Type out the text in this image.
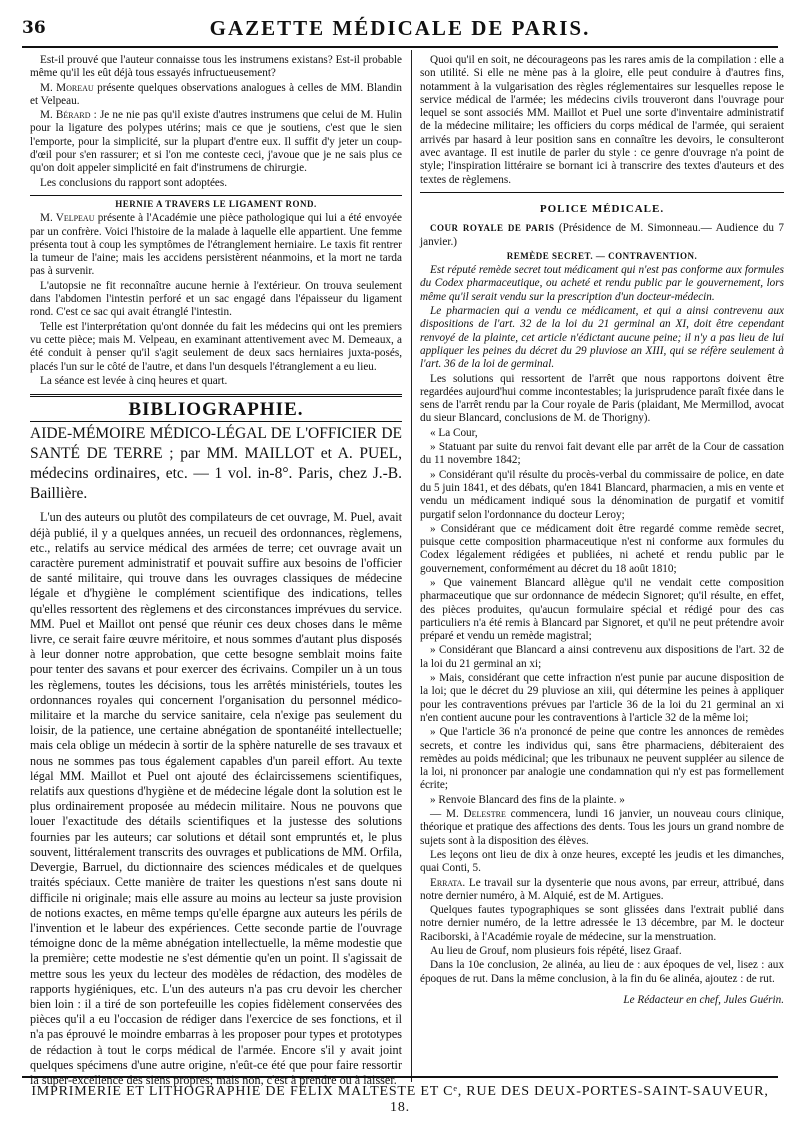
36	GAZETTE MÉDICALE DE PARIS.

Est-il prouvé que l'auteur connaisse tous les instrumens existans? Est-il probable même qu'il les eût déjà tous essayés infructueusement?

M. Moreau présente quelques observations analogues à celles de MM. Blandin et Velpeau.

M. Bérard : Je ne nie pas qu'il existe d'autres instrumens que celui de M. Hulin pour la ligature des polypes utérins; mais ce que je soutiens, c'est que le sien l'emporte, pour la simplicité, sur la plupart d'entre eux. Il suffit d'y jeter un coup-d'œil pour s'en rassurer; et si l'on me conteste ceci, j'avoue que je ne sais plus ce qu'on doit appeler simplicité en fait d'instrumens de chirurgie.

Les conclusions du rapport sont adoptées.

HERNIE A TRAVERS LE LIGAMENT ROND.

M. Velpeau présente à l'Académie une pièce pathologique qui lui a été envoyée par un confrère. Voici l'histoire de la malade à laquelle elle appartient. Une femme présenta tout à coup les symptômes de l'étranglement herniaire. Le taxis fit rentrer la tumeur de l'aine; mais les accidens persistèrent néanmoins, et la mort ne tarda pas à survenir.

L'autopsie ne fit reconnaître aucune hernie à l'extérieur. On trouva seulement dans l'abdomen l'intestin perforé et un sac engagé dans l'épaisseur du ligament rond. C'est ce sac qui avait étranglé l'intestin.

Telle est l'interprétation qu'ont donnée du fait les médecins qui ont les premiers vu cette pièce; mais M. Velpeau, en examinant attentivement avec M. Demeaux, a été conduit à penser qu'il s'agit seulement de deux sacs herniaires juxta-posés, placés l'un sur le côté de l'autre, et dans l'un desquels l'étranglement a eu lieu.

La séance est levée à cinq heures et quart.

BIBLIOGRAPHIE.

AIDE-MÉMOIRE MÉDICO-LÉGAL DE L'OFFICIER DE SANTÉ DE TERRE ; par MM. MAILLOT et A. PUEL, médecins ordinaires, etc. — 1 vol. in-8°. Paris, chez J.-B. Baillière.

L'un des auteurs ou plutôt des compilateurs de cet ouvrage, M. Puel, avait déjà publié, il y a quelques années, un recueil des ordonnances, règlemens, etc., relatifs au service médical des armées de terre; cet ouvrage avait un caractère purement administratif et pouvait suffire aux besoins de l'officier de santé militaire, qui trouve dans les ouvrages classiques de médecine légale et d'hygiène le complément scientifique des indications, telles qu'elles ressortent des règlemens et des circonstances imprévues du service. MM. Puel et Maillot ont pensé que réunir ces deux choses dans le même livre, ce serait faire œuvre méritoire, et nous sommes d'autant plus disposés à leur donner notre approbation, que cette besogne semblait moins faite pour tenter des savans et pour exercer des écrivains. Compiler un à un tous les règlemens, toutes les décisions, tous les arrêtés ministériels, toutes les ordonnances royales qui concernent l'organisation du personnel médico-militaire et la marche du service sanitaire, cela n'exige pas seulement du loisir, de la patience, une certaine abnégation de spontanéité intellectuelle; mais cela oblige un médecin à sortir de la sphère naturelle de ses travaux et nous ne sommes pas tous également capables d'un pareil effort. Au texte légal MM. Maillot et Puel ont ajouté des éclaircissemens scientifiques, relatifs aux questions d'hygiène et de médecine légale dont la solution est le plus ordinairement proposée au médecin militaire. Nous ne pouvons que louer l'exactitude des détails scientifiques et la justesse des solutions fournies par les auteurs; car solutions et détail sont empruntés et, le plus souvent, littéralement transcrits des ouvrages et publications de MM. Orfila, Devergie, Barruel, du dictionnaire des sciences médicales et de quelques traités spéciaux. Cette manière de traiter les questions n'est sans doute ni difficile ni originale; mais elle assure au moins au lecteur sa juste provision de notions exactes, en même temps qu'elle épargne aux auteurs les périls de l'invention et le labeur des expériences. Cette seconde partie de l'ouvrage témoigne donc de la même abnégation intellectuelle, la même modestie que la première; cette modestie ne s'est démentie qu'en un point. Il s'agissait de mettre sous les yeux du lecteur des modèles de rédaction, des modèles de rapports hygiéniques, etc. L'un des auteurs n'a pas cru devoir les chercher bien loin : il a tiré de son portefeuille les copies fidèlement conservées des pièces qu'il a eu l'occasion de rédiger dans l'exercice de ses fonctions, et il n'a pas éprouvé le moindre embarras à les proposer pour types et prototypes de rédaction à tout le corps médical de l'armée. Encore s'il y avait joint quelques spécimens d'une autre origine, n'eût-ce été que pour faire ressortir la super-excellence des siens propres; mais non, c'est à prendre ou à laisser.

Quoi qu'il en soit, ne décourageons pas les rares amis de la compilation : elle a son utilité. Si elle ne mène pas à la gloire, elle peut conduire à d'autres fins, notamment à la vulgarisation des règles réglementaires sur lesquelles repose le service médical de l'armée; les médecins civils trouveront dans l'ouvrage pour lequel se sont associés MM. Maillot et Puel une sorte d'inventaire administratif de la médecine militaire; les officiers du corps médical de l'armée, qui seraient arrivés par hasard à leur position sans en connaître les devoirs, le consulteront avec avantage. Il est inutile de parler du style : ce genre d'ouvrage n'a point de style; l'inspiration littéraire se bornant ici à transcrire des textes d'auteurs et des textes de règlemens.

POLICE MÉDICALE.

COUR ROYALE DE PARIS (Présidence de M. Simonneau.— Audience du 7 janvier.)

REMÈDE SECRET. — CONTRAVENTION.

Est réputé remède secret tout médicament qui n'est pas conforme aux formules du Codex pharmaceutique, ou acheté et rendu public par le gouvernement, lors même qu'il serait vendu sur la prescription d'un docteur-médecin.

Le pharmacien qui a vendu ce médicament, et qui a ainsi contrevenu aux dispositions de l'art. 32 de la loi du 21 germinal an XI, doit être cependant renvoyé de la plainte, cet article n'édictant aucune peine; il n'y a pas lieu de lui appliquer les peines du décret du 29 pluviose an XIII, qui se réfère seulement à l'art. 36 de la loi de germinal.

Les solutions qui ressortent de l'arrêt que nous rapportons doivent être regardées aujourd'hui comme incontestables; la jurisprudence paraît fixée dans le sens de l'arrêt rendu par la Cour royale de Paris (plaidant, Me Mermillod, avocat du sieur Blancard, conclusions de M. de Thorigny).

« La Cour,

» Statuant par suite du renvoi fait devant elle par arrêt de la Cour de cassation du 11 novembre 1842;

» Considérant qu'il résulte du procès-verbal du commissaire de police, en date du 5 juin 1841, et des débats, qu'en 1841 Blancard, pharmacien, a mis en vente et vendu un médicament indiqué sous la dénomination de purgatif et vomitif purgatif selon l'ordonnance du docteur Leroy;

» Considérant que ce médicament doit être regardé comme remède secret, puisque cette composition pharmaceutique n'est ni conforme aux formules du Codex légalement rédigées et publiées, ni acheté et rendu public par le gouvernement, conformément au décret du 18 août 1810;

» Que vainement Blancard allègue qu'il ne vendait cette composition pharmaceutique que sur ordonnance de médecin Signoret; qu'il résulte, en effet, des pièces produites, qu'aucun formulaire spécial et rédigé pour des cas particuliers n'a été remis à Blancard par Signoret, et qu'il ne peut prétendre avoir préparé et vendu un remède magistral;

» Considérant que Blancard a ainsi contrevenu aux dispositions de l'art. 32 de la loi du 21 germinal an xi;

» Mais, considérant que cette infraction n'est punie par aucune disposition de la loi; que le décret du 29 pluviose an xiii, qui détermine les peines à appliquer pour les contraventions prévues par l'article 36 de la loi du 21 germinal an xi n'en contient aucune pour les contraventions à l'article 32 de la même loi;

» Que l'article 36 n'a prononcé de peine que contre les annonces de remèdes secrets, et contre les individus qui, sans être pharmaciens, débiteraient des remèdes au poids médicinal; que les tribunaux ne peuvent suppléer au silence de la loi, ni prononcer par analogie une condamnation qui n'y est pas formellement écrite;

» Renvoie Blancard des fins de la plainte. »

— M. Delestre commencera, lundi 16 janvier, un nouveau cours clinique, théorique et pratique des affections des dents. Tous les jours un grand nombre de sujets sont à la disposition des élèves.

Les leçons ont lieu de dix à onze heures, excepté les jeudis et les dimanches, quai Conti, 5.

Errata. Le travail sur la dysenterie que nous avons, par erreur, attribué, dans notre dernier numéro, à M. Alquié, est de M. Artigues.

Quelques fautes typographiques se sont glissées dans l'extrait publié dans notre dernier numéro, de la lettre adressée le 13 décembre, par M. le docteur Raciborski, à l'Académie royale de médecine, sur la menstruation.

Au lieu de Grouf, nom plusieurs fois répété, lisez Graaf.

Dans la 10e conclusion, 2e alinéa, au lieu de : aux époques de vel, lisez : aux époques de rut. Dans la même conclusion, à la fin du 6e alinéa, ajoutez : de rut.

Le Rédacteur en chef, Jules Guérin.

IMPRIMERIE ET LITHOGRAPHIE DE FÉLIX MALTESTE ET Cᵉ, RUE DES DEUX-PORTES-SAINT-SAUVEUR, 18.
